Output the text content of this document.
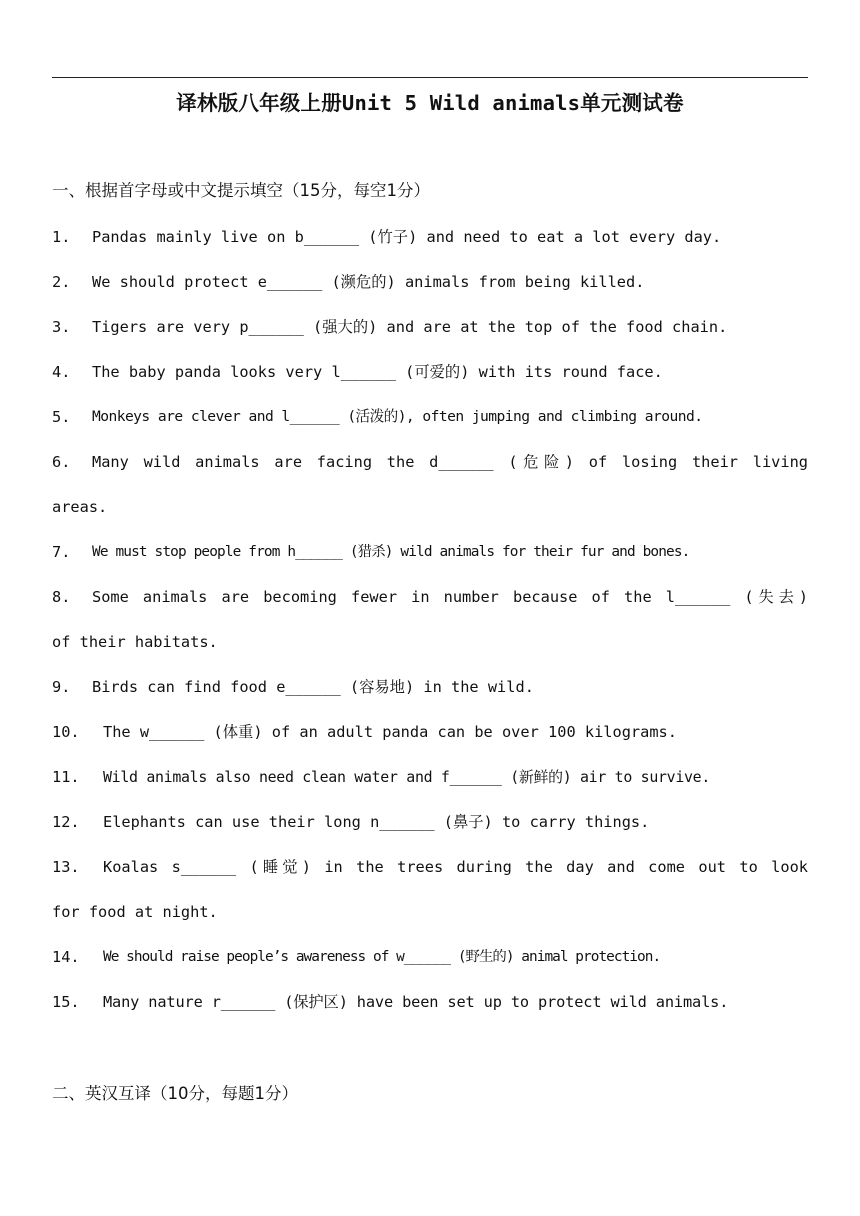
译林版八年级上册Unit 5 Wild animals单元测试卷
一、根据首字母或中文提示填空（15分，每空1分）
1. Pandas mainly live on b______ (竹子) and need to eat a lot every day.
2. We should protect e______ (濒危的) animals from being killed.
3. Tigers are very p______ (强大的) and are at the top of the food chain.
4. The baby panda looks very l______ (可爱的) with its round face.
5. Monkeys are clever and l______ (活泼的), often jumping and climbing around.
6. Many wild animals are facing the d______ (危险) of losing their living
areas.
7. We must stop people from h______ (猎杀) wild animals for their fur and bones.
8. Some animals are becoming fewer in number because of the l______ (失去)
of their habitats.
9. Birds can find food e______ (容易地) in the wild.
10. The w______ (体重) of an adult panda can be over 100 kilograms.
11. Wild animals also need clean water and f______ (新鲜的) air to survive.
12. Elephants can use their long n______ (鼻子) to carry things.
13. Koalas s______ (睡觉) in the trees during the day and come out to look
for food at night.
14. We should raise people’s awareness of w______ (野生的) animal protection.
15. Many nature r______ (保护区) have been set up to protect wild animals.
二、英汉互译（10分，每题1分）
